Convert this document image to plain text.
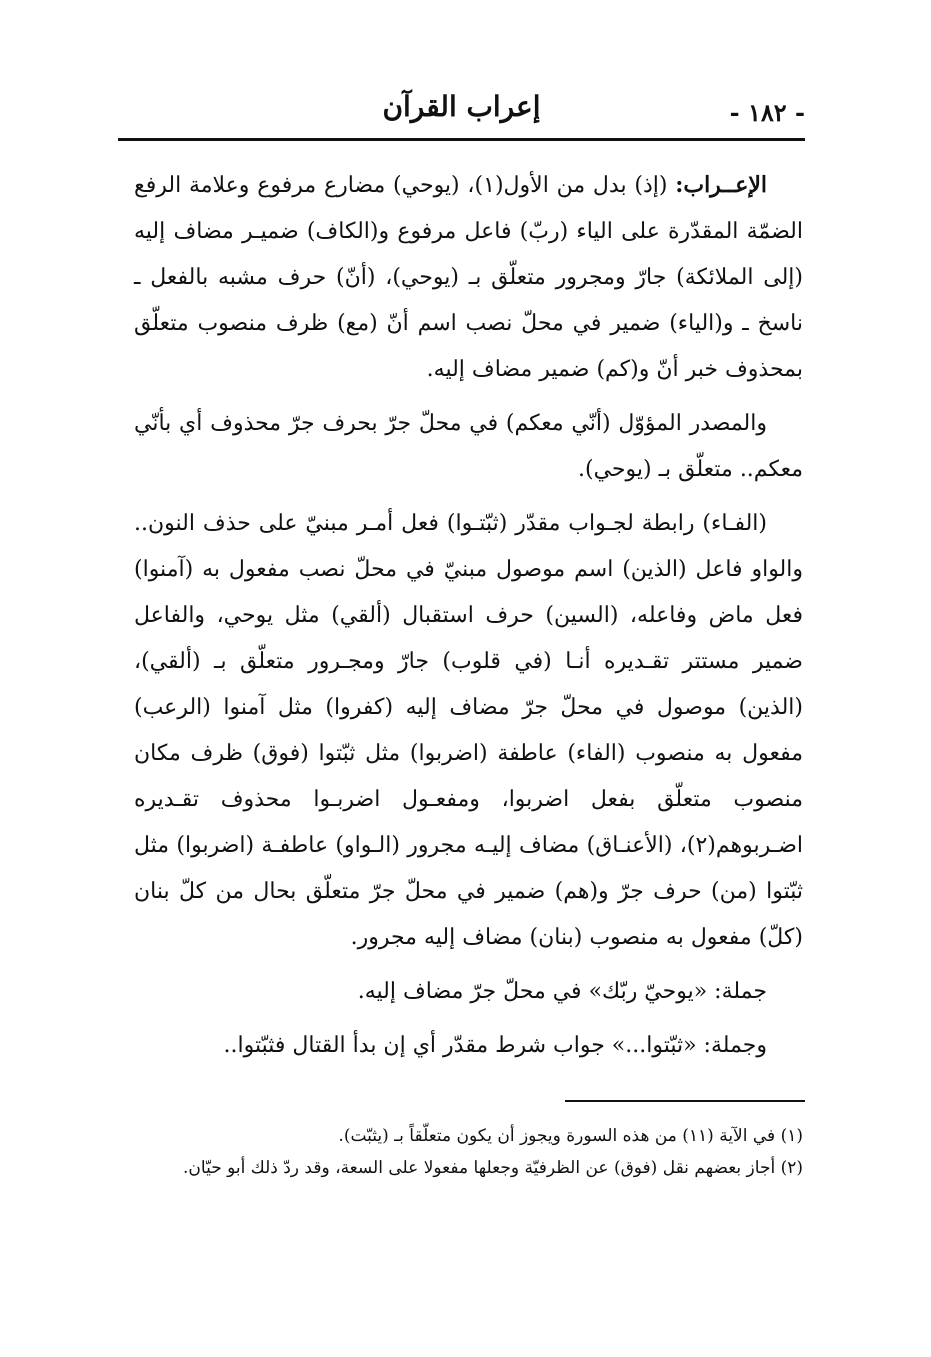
- ١٨٢ -
إعراب القرآن

الإعــراب: (إذ) بدل من الأول(١)، (يوحي) مضارع مرفوع وعلامة الرفع الضمّة المقدّرة على الياء (ربّ) فاعل مرفوع و(الكاف) ضميـر مضاف إليه (إلى الملائكة) جارّ ومجرور متعلّق بـ (يوحي)، (أنّ) حرف مشبه بالفعل ـ ناسخ ـ و(الياء) ضمير في محلّ نصب اسم أنّ (مع) ظرف منصوب متعلّق بمحذوف خبر أنّ و(كم) ضمير مضاف إليه.

والمصدر المؤوّل (أنّي معكم) في محلّ جرّ بحرف جرّ محذوف أي بأنّي معكم.. متعلّق بـ (يوحي).

(الفـاء) رابطة لجـواب مقدّر (ثبّتـوا) فعل أمـر مبنيّ على حذف النون.. والواو فاعل (الذين) اسم موصول مبنيّ في محلّ نصب مفعول به (آمنوا) فعل ماض وفاعله، (السين) حرف استقبال (ألقي) مثل يوحي، والفاعل ضمير مستتر تقـديره أنـا (في قلوب) جارّ ومجـرور متعلّق بـ (ألقي)، (الذين) موصول في محلّ جرّ مضاف إليه (كفروا) مثل آمنوا (الرعب) مفعول به منصوب (الفاء) عاطفة (اضربوا) مثل ثبّتوا (فوق) ظرف مكان منصوب متعلّق بفعل اضربوا، ومفعـول اضربـوا محذوف تقـديره اضـربوهم(٢)، (الأعنـاق) مضاف إليـه مجرور (الـواو) عاطفـة (اضربوا) مثل ثبّتوا (من) حرف جرّ و(هم) ضمير في محلّ جرّ متعلّق بحال من كلّ بنان (كلّ) مفعول به منصوب (بنان) مضاف إليه مجرور.

جملة: «يوحيّ ربّك» في محلّ جرّ مضاف إليه.

وجملة: «ثبّتوا...» جواب شرط مقدّر أي إن بدأ القتال فثبّتوا..

(١) في الآية (١١) من هذه السورة ويجوز أن يكون متعلّقاً بـ (يثبّت).

(٢) أجاز بعضهم نقل (فوق) عن الظرفيّة وجعلها مفعولا على السعة، وقد ردّ ذلك أبو حيّان.
